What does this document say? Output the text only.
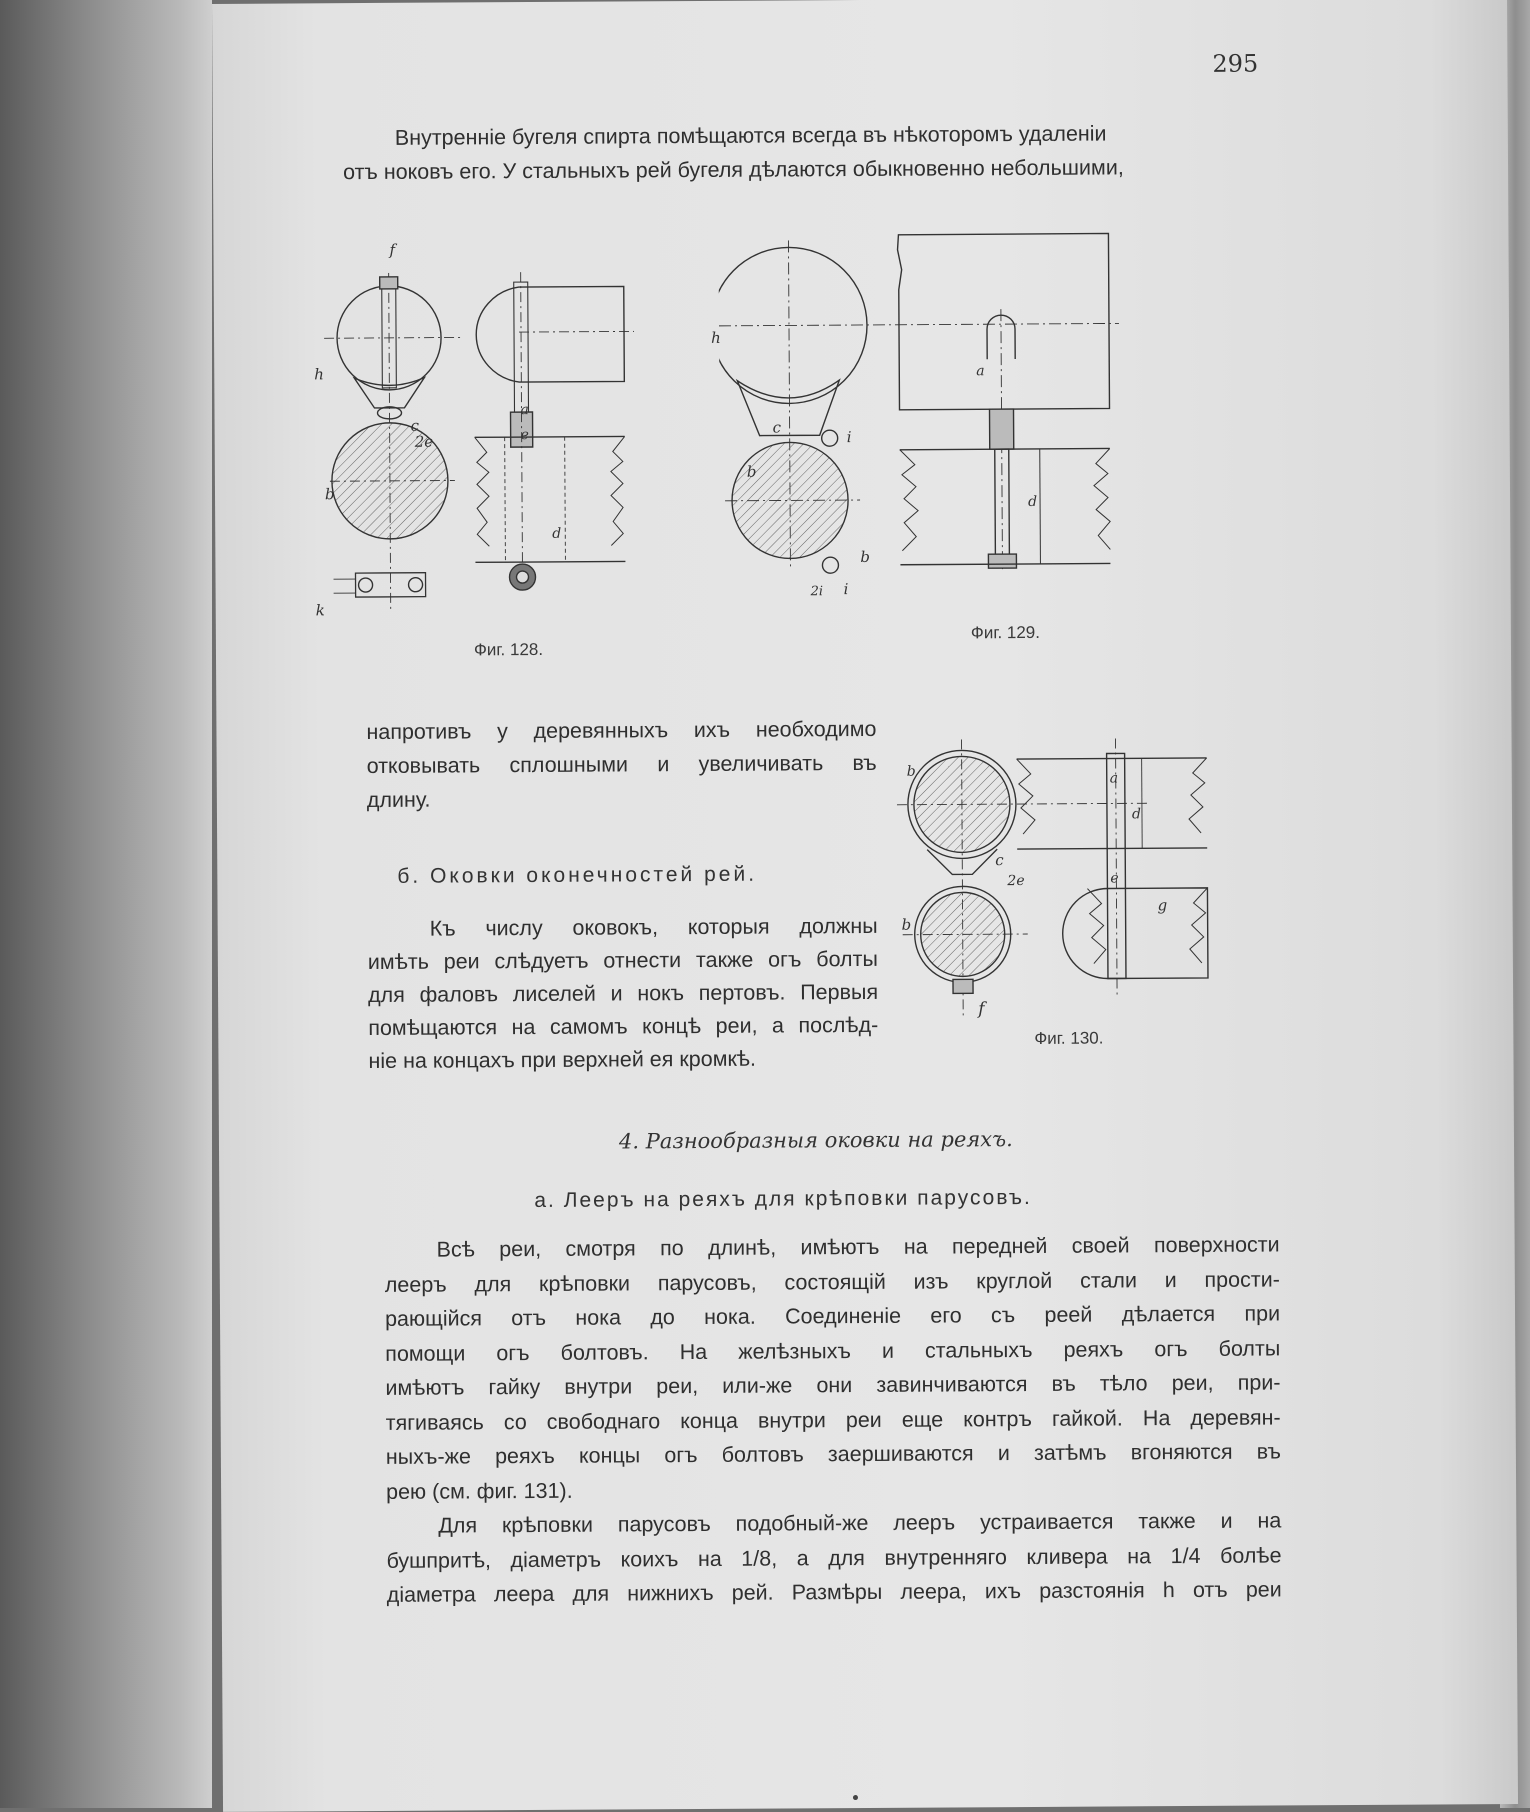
295
Внутреннiе бугеля спирта помѣщаются всегда въ нѣкоторомъ удаленiи
отъ ноковъ его. У стальныхъ рей бугеля дѣлаются обыкновенно небольшими,
Фиг. 128.
f
h
c
2e	e
b
k
a
d
Фиг. 129.
h
c
i
b
a
d
2i
b
i
напротивъ у деревянныхъ ихъ необходимо
отковывать сплошными и увеличивать въ
длину.
б. Оковки оконечностей рей.
Къ числу оковокъ, которыя должны
имѣть реи слѣдуетъ отнести также огъ болты
для фаловъ лиселей и нокъ пертовъ. Первыя
помѣщаются на самомъ концѣ реи, а послѣд-
нiе на концахъ при верхней ея кромкѣ.
Фиг. 130.
b
c
2e
b
f
a
d
e
g
4. Разнообразныя оковки на реяхъ.
а. Лееръ на реяхъ для крѣповки парусовъ.
Всѣ реи, смотря по длинѣ, имѣютъ на передней своей поверхности
лееръ для крѣповки парусовъ, состоящiй изъ круглой стали и прости-
рающiйся отъ нока до нока. Соединенiе его съ реей дѣлается при
помощи огъ болтовъ. На желѣзныхъ и стальныхъ реяхъ огъ болты
имѣютъ гайку внутри реи, или-же они завинчиваются въ тѣло реи, при-
тягиваясь со свободнаго конца внутри реи еще контръ гайкой. На деревян-
ныхъ-же реяхъ концы огъ болтовъ заершиваются и затѣмъ вгоняются въ
рею (см. фиг. 131).
Для крѣповки парусовъ подобный-же лееръ устраивается также и на
бушпритѣ, дiаметръ коихъ на 1/8, а для внутренняго кливера на 1/4 болѣе
дiаметра леера для нижнихъ рей. Размѣры леера, ихъ разстоянiя h отъ реи
